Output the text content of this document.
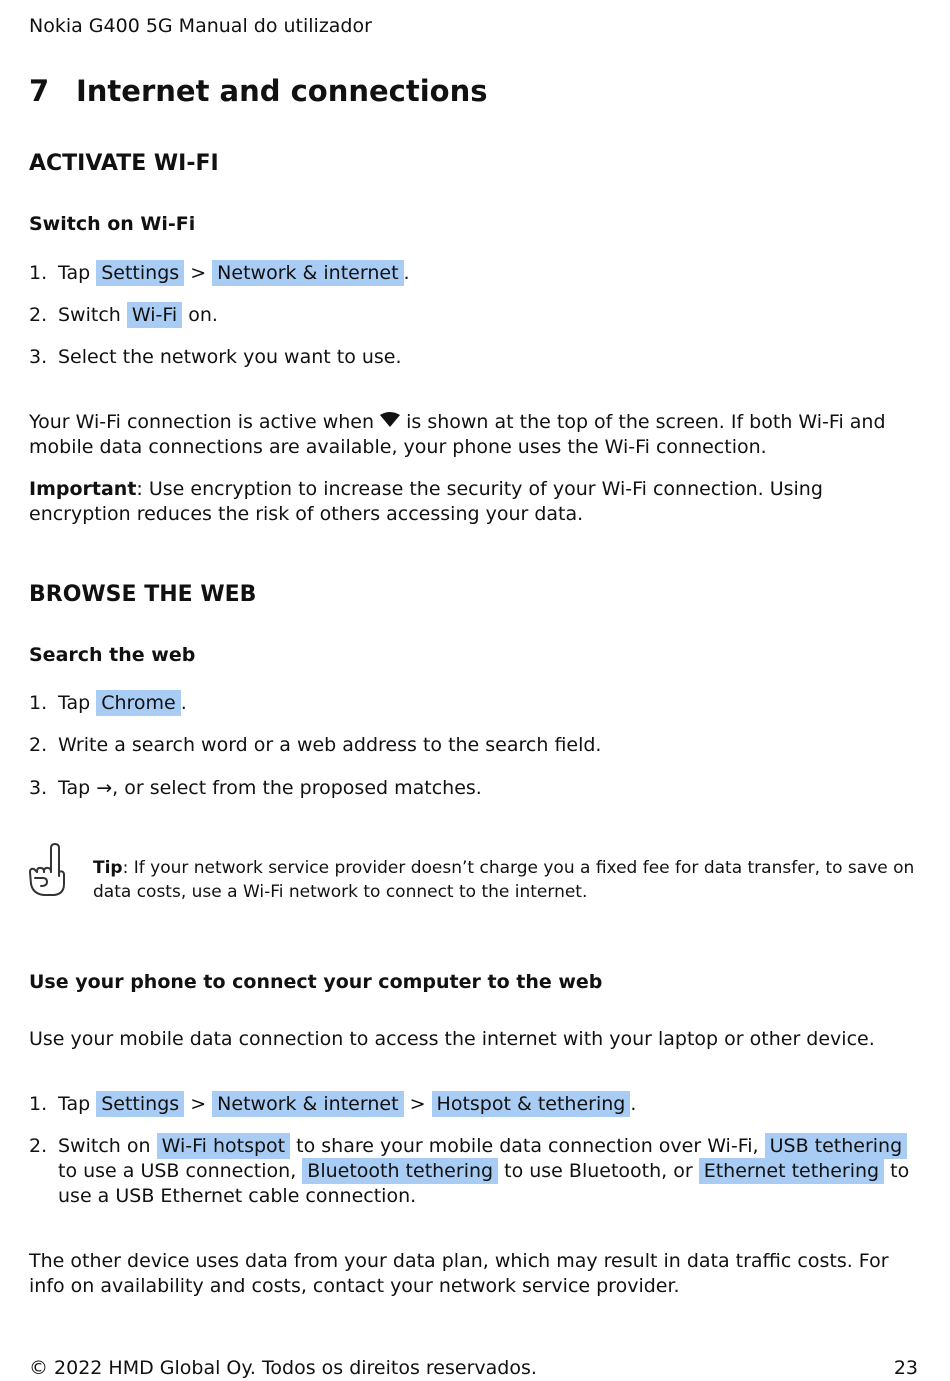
Nokia G400 5G Manual do utilizador
7 Internet and connections
ACTIVATE WI-FI
Switch on Wi-Fi
1. Tap Settings > Network & internet .
2. Switch Wi-Fi on.
3. Select the network you want to use.
Your Wi-Fi connection is active when is shown at the top of the screen. If both Wi-Fi and mobile data connections are available, your phone uses the Wi-Fi connection.
Important: Use encryption to increase the security of your Wi-Fi connection. Using encryption reduces the risk of others accessing your data.
BROWSE THE WEB
Search the web
1. Tap Chrome .
2. Write a search word or a web address to the search field.
3. Tap →, or select from the proposed matches.
Tip: If your network service provider doesn’t charge you a fixed fee for data transfer, to save on data costs, use a Wi-Fi network to connect to the internet.
Use your phone to connect your computer to the web
Use your mobile data connection to access the internet with your laptop or other device.
1. Tap Settings > Network & internet > Hotspot & tethering .
2. Switch on Wi-Fi hotspot to share your mobile data connection over Wi-Fi, USB tethering to use a USB connection, Bluetooth tethering to use Bluetooth, or Ethernet tethering to use a USB Ethernet cable connection.
The other device uses data from your data plan, which may result in data traffic costs. For info on availability and costs, contact your network service provider.
© 2022 HMD Global Oy. Todos os direitos reservados.	23
